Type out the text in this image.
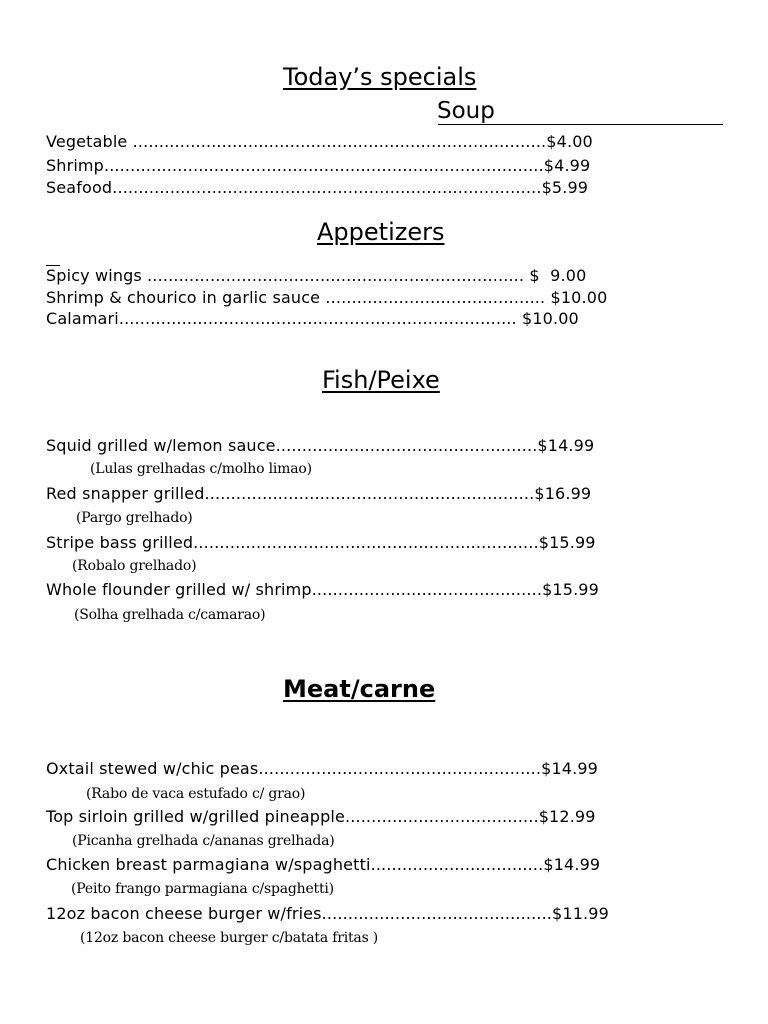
Today’s specials
Soup
Vegetable ...............................................................................$4.00
Shrimp....................................................................................$4.99
Seafood..................................................................................$5.99
Appetizers
Spicy wings ........................................................................ $  9.00
Shrimp & chourico in garlic sauce .......................................... $10.00
Calamari............................................................................ $10.00
Fish/Peixe
Squid grilled w/lemon sauce..................................................$14.99
(Lulas grelhadas c/molho limao)
Red snapper grilled...............................................................$16.99
(Pargo grelhado)
Stripe bass grilled..................................................................$15.99
(Robalo grelhado)
Whole flounder grilled w/ shrimp............................................$15.99
(Solha grelhada c/camarao)
Meat/carne
Oxtail stewed w/chic peas......................................................$14.99
(Rabo de vaca estufado c/ grao)
Top sirloin grilled w/grilled pineapple.....................................$12.99
(Picanha grelhada c/ananas grelhada)
Chicken breast parmagiana w/spaghetti.................................$14.99
(Peito frango parmagiana c/spaghetti)
12oz bacon cheese burger w/fries............................................$11.99
(12oz bacon cheese burger c/batata fritas )
